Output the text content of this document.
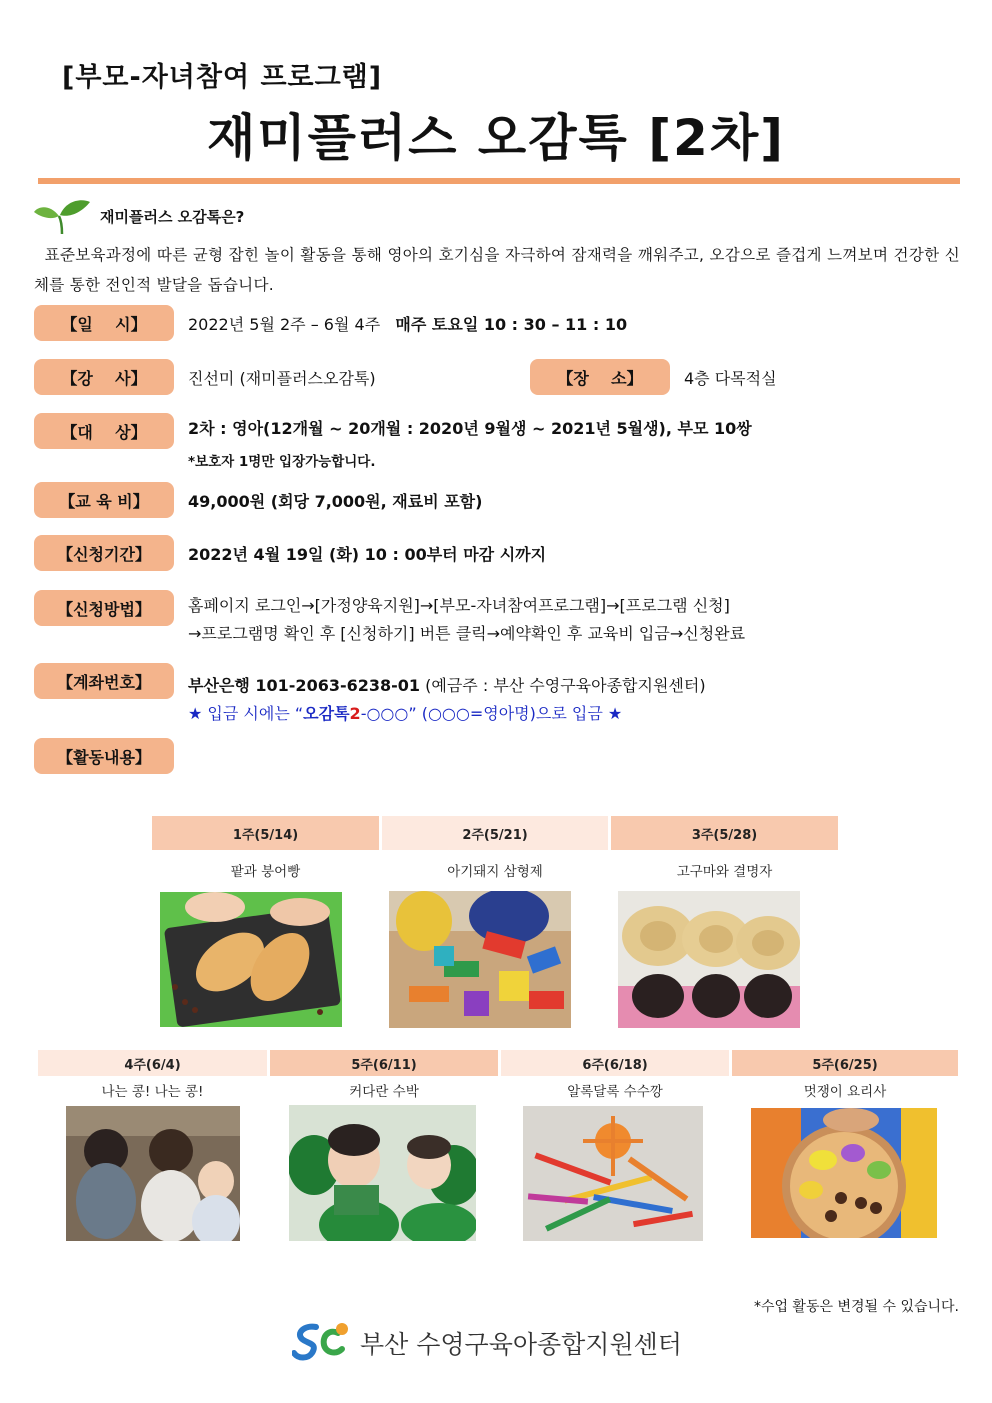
[부모-자녀참여 프로그램]
재미플러스 오감톡 [2차]
재미플러스 오감톡은?
표준보육과정에 따른 균형 잡힌 놀이 활동을 통해 영아의 호기심을 자극하여 잠재력을 깨워주고, 오감으로 즐겁게 느껴보며 건강한 신체를 통한 전인적 발달을 돕습니다.
【일    시】	2022년 5월 2주 – 6월 4주 매주 토요일 10 : 30 – 11 : 10
【강    사】	진선미 (재미플러스오감톡)	【장    소】	4층 다목적실
【대    상】	2차 : 영아(12개월 ~ 20개월 : 2020년 9월생 ~ 2021년 5월생), 부모 10쌍
*보호자 1명만 입장가능합니다.
【교 육 비】	49,000원 (회당 7,000원, 재료비 포함)
【신청기간】	2022년 4월 19일 (화) 10 : 00부터 마감 시까지
【신청방법】	홈페이지 로그인→[가정양육지원]→[부모-자녀참여프로그램]→[프로그램 신청]
→프로그램명 확인 후 [신청하기] 버튼 클릭→예약확인 후 교육비 입금→신청완료
【계좌번호】	부산은행 101-2063-6238-01 (예금주 : 부산 수영구육아종합지원센터)
★ 입금 시에는 “오감톡2-○○○” (○○○=영아명)으로 입금 ★
【활동내용】
1주(5/14)	2주(5/21)	3주(5/28)
팥과 붕어빵	아기돼지 삼형제	고구마와 결명자
4주(6/4)	5주(6/11)	6주(6/18)	5주(6/25)
나는 콩! 나는 콩!	커다란 수박	알록달록 수수깡	멋쟁이 요리사
*수업 활동은 변경될 수 있습니다.
부산 수영구육아종합지원센터
